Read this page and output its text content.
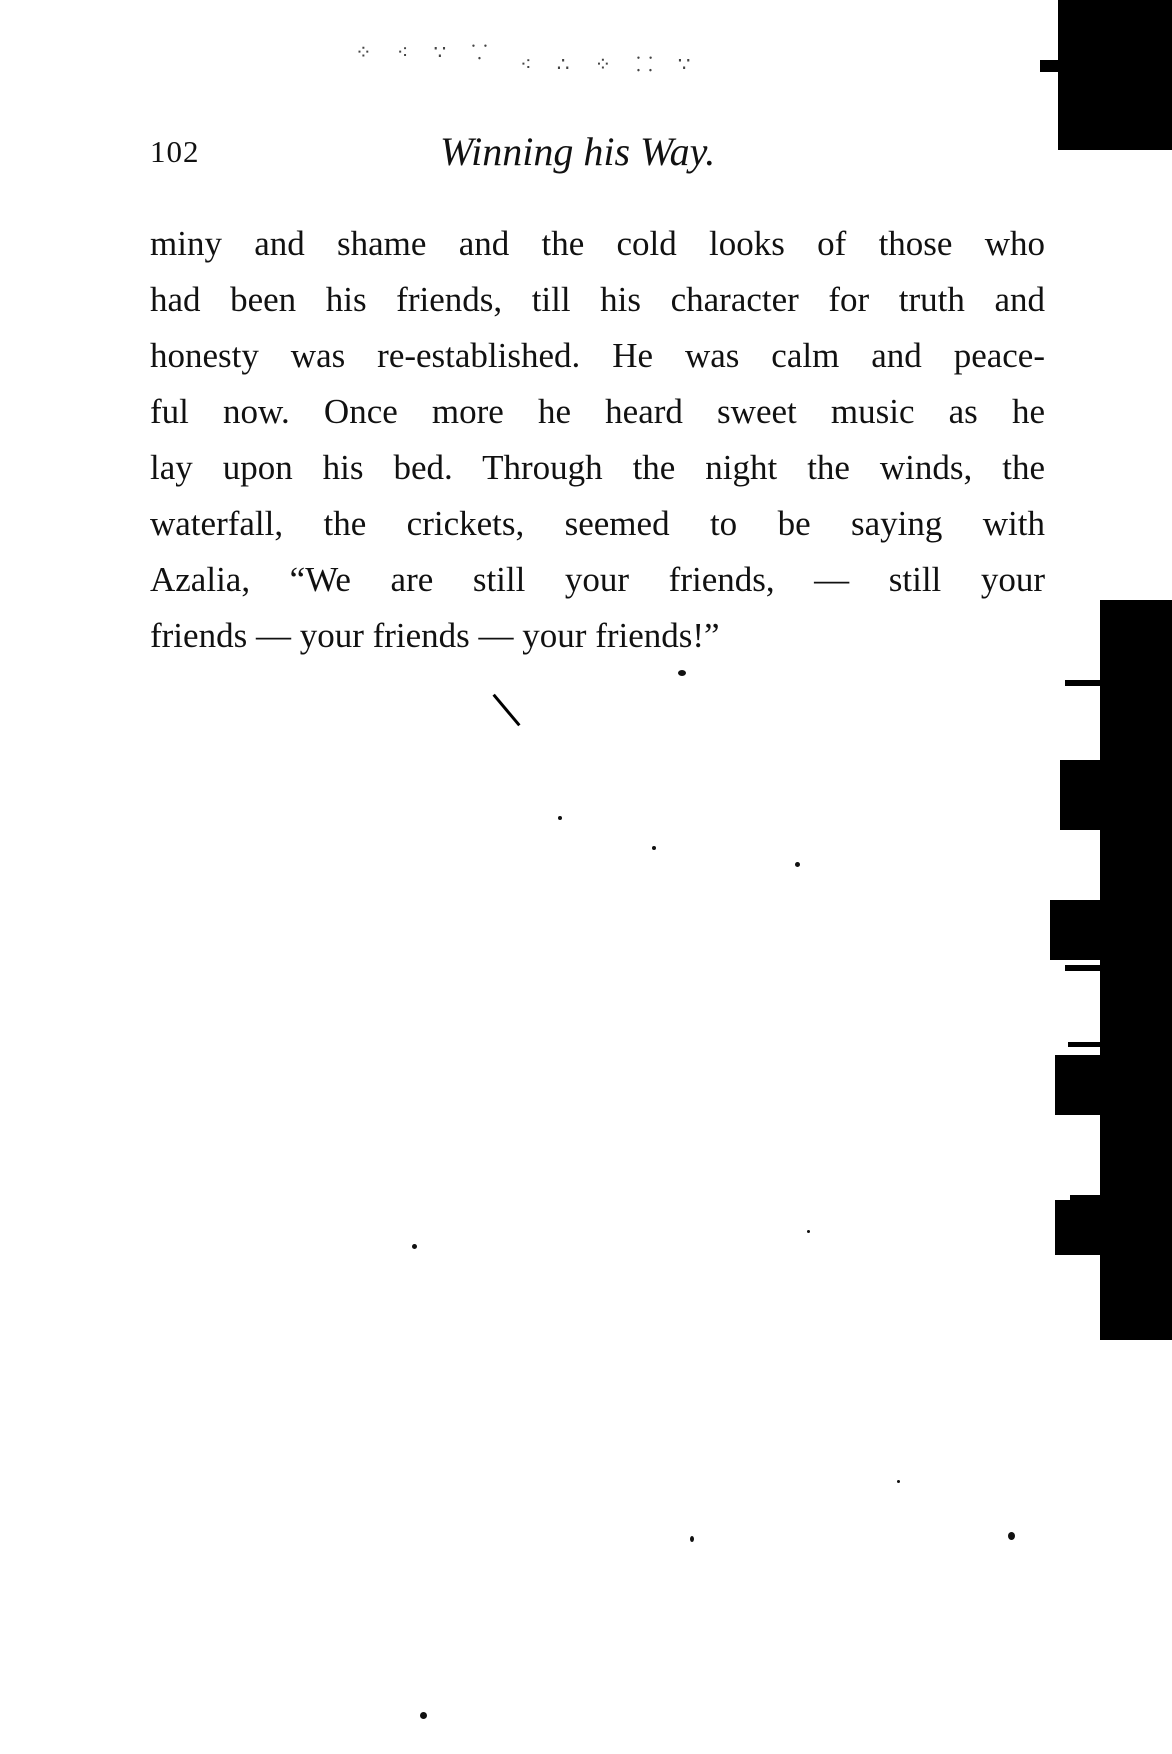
⁘ ⁖ ∵ ⸪
⁖ ∴ ⁘ ⸬ ∵
102	Winning his Way.
miny and shame and the cold looks of those who
had been his friends, till his character for truth and
honesty was re-established. He was calm and peace-
ful now. Once more he heard sweet music as he
lay upon his bed. Through the night the winds, the
waterfall, the crickets, seemed to be saying with
Azalia, “We are still your friends, — still your
friends — your friends — your friends!”
